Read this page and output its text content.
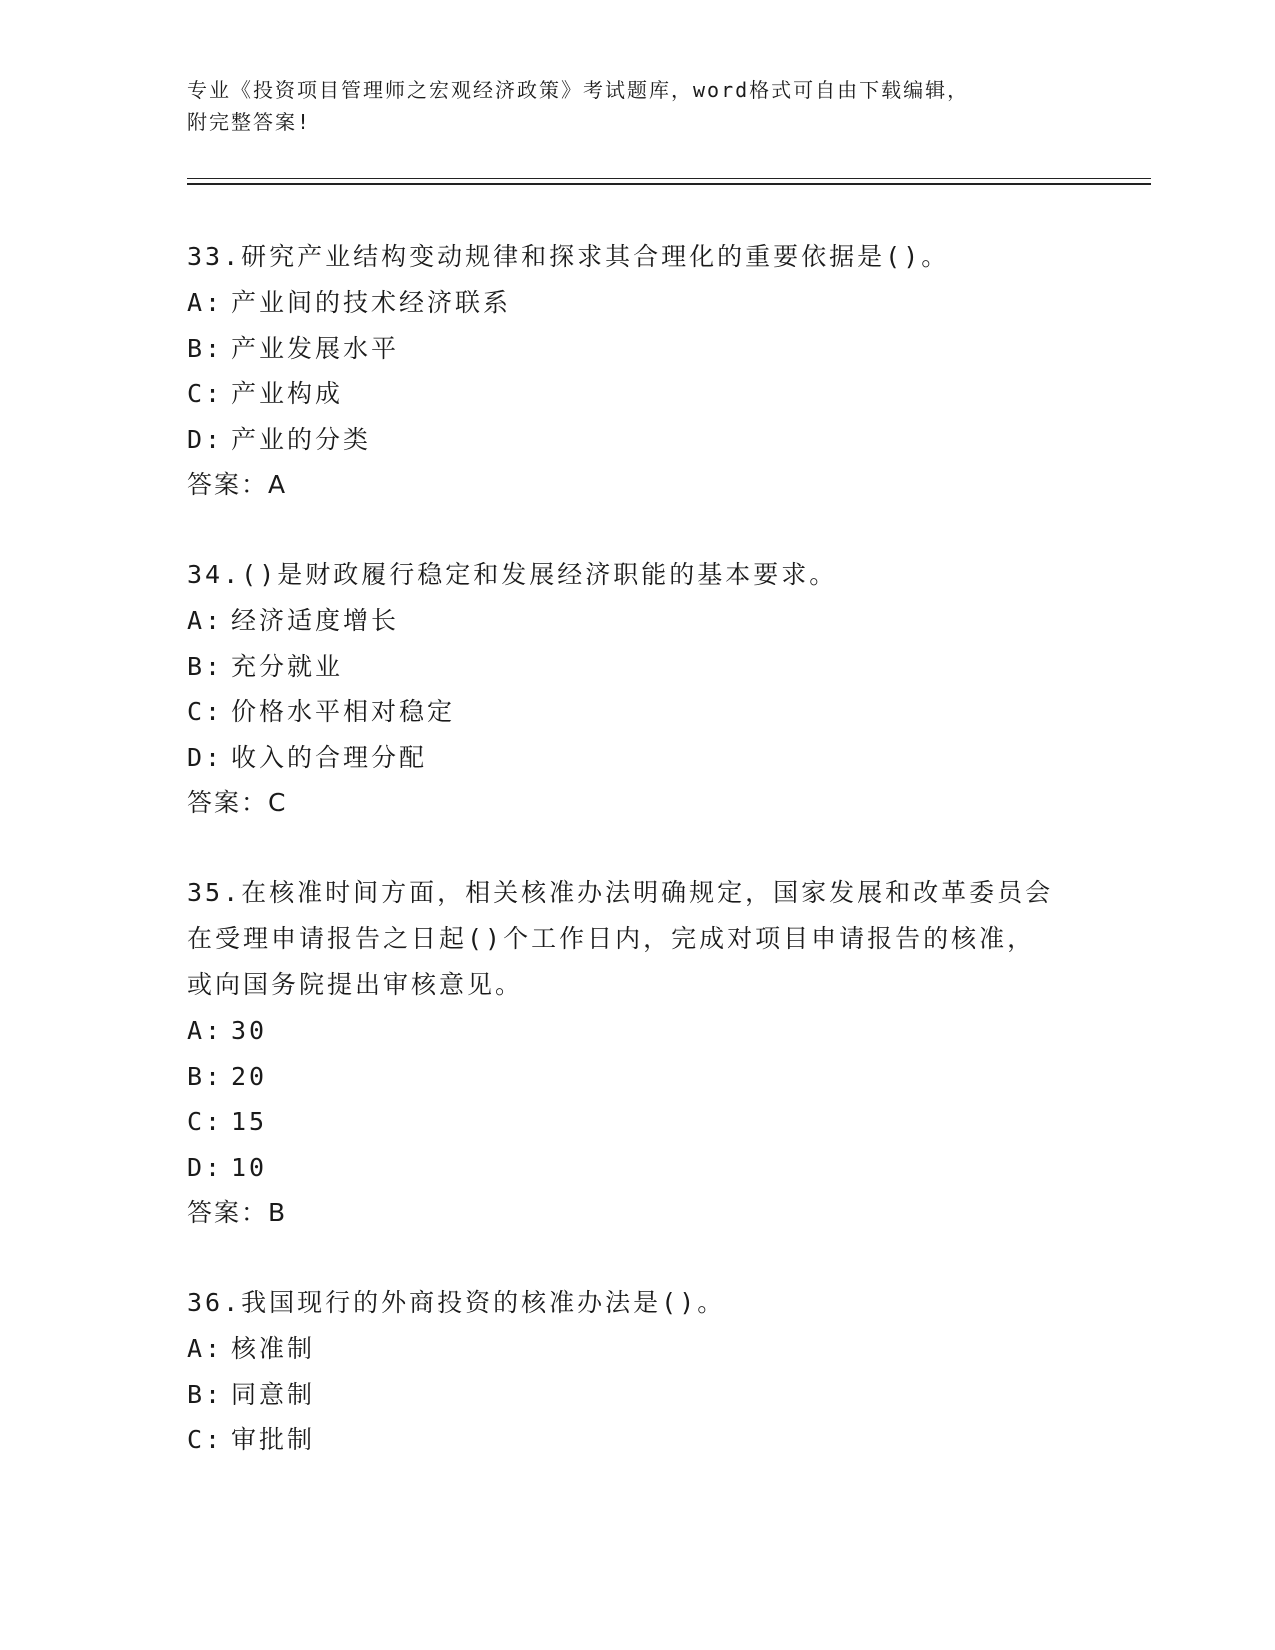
专业《投资项目管理师之宏观经济政策》考试题库，word格式可自由下载编辑，
附完整答案!

33.研究产业结构变动规律和探求其合理化的重要依据是()。

A: 产业间的技术经济联系

B: 产业发展水平

C: 产业构成

D: 产业的分类

答案：A

34.()是财政履行稳定和发展经济职能的基本要求。

A: 经济适度增长

B: 充分就业

C: 价格水平相对稳定

D: 收入的合理分配

答案：C

35.在核准时间方面，相关核准办法明确规定，国家发展和改革委员会

在受理申请报告之日起()个工作日内，完成对项目申请报告的核准，

或向国务院提出审核意见。

A: 30

B: 20

C: 15

D: 10

答案：B

36.我国现行的外商投资的核准办法是()。

A: 核准制

B: 同意制

C: 审批制
